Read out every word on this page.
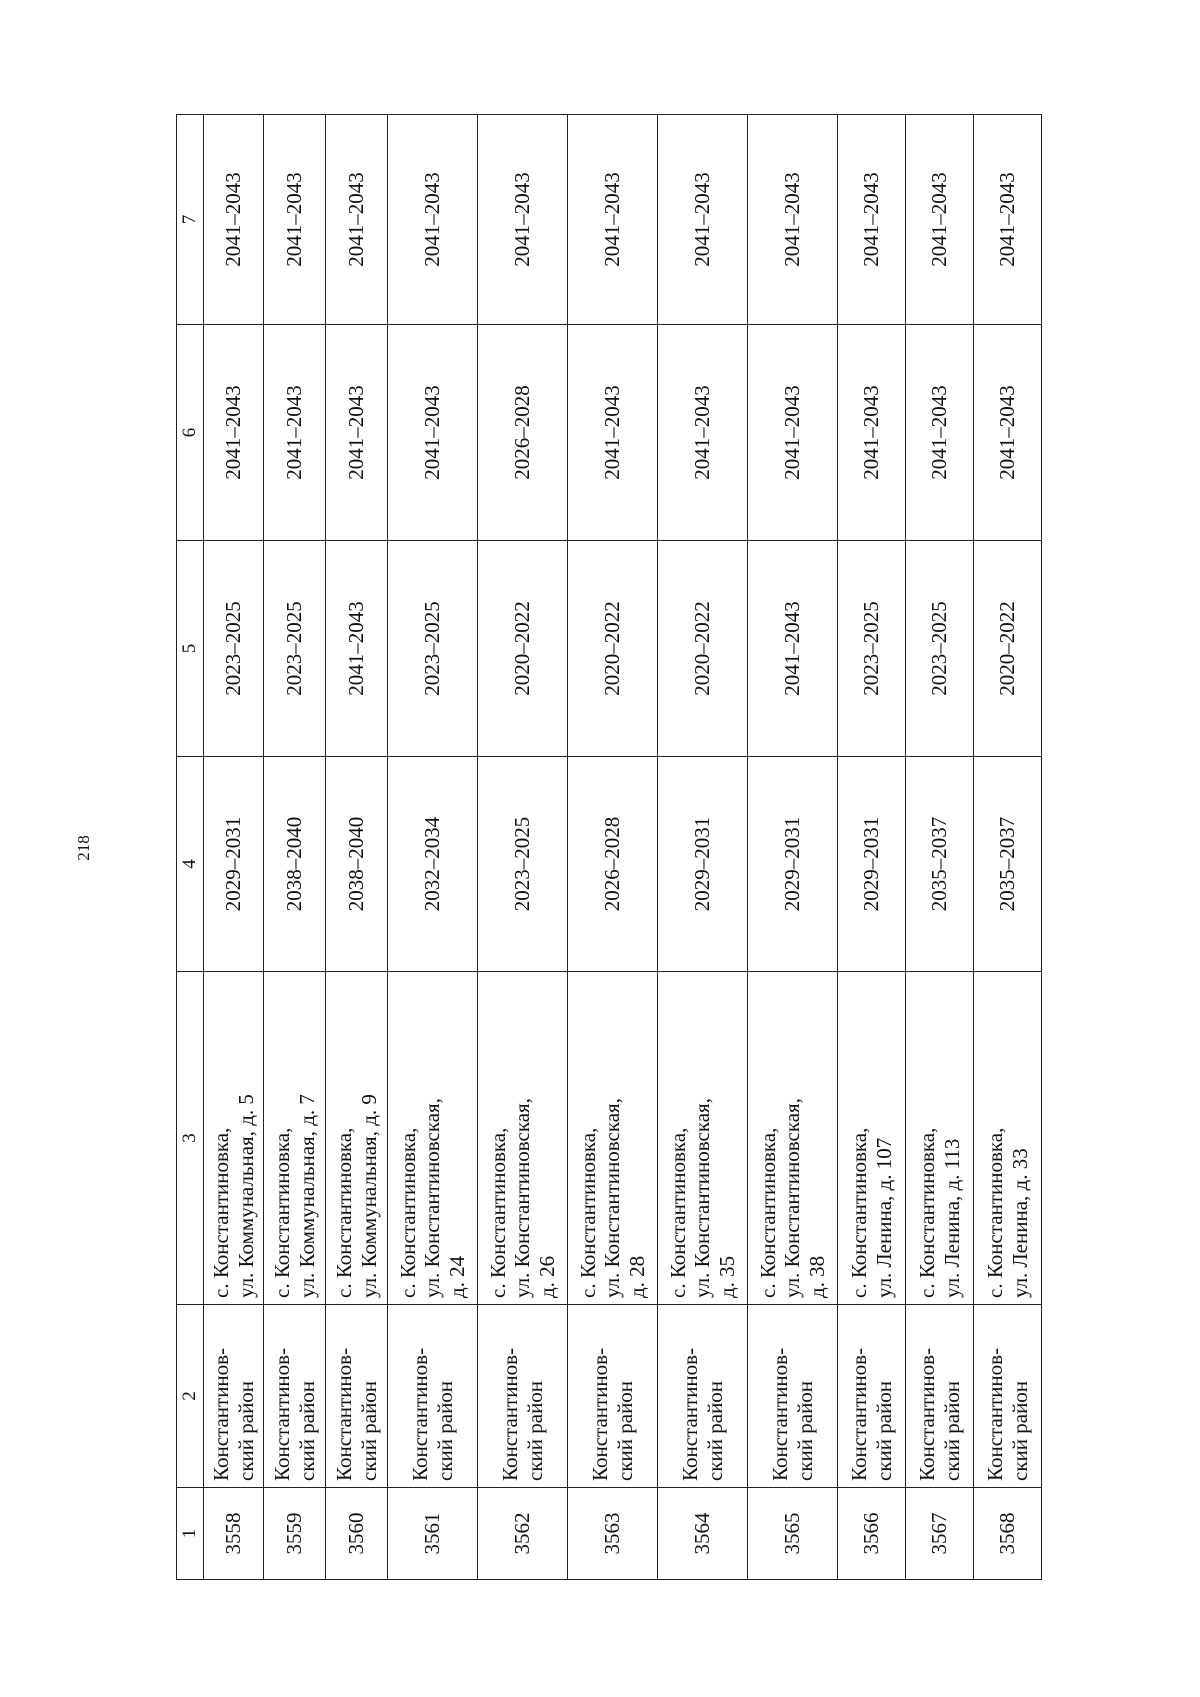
218
1	2	3	4	5	6	7
3558	Константинов- ский район	с. Константиновка, ул. Коммунальная, д. 5	2029–2031	2023–2025	2041–2043	2041–2043
3559	Константинов- ский район	с. Константиновка, ул. Коммунальная, д. 7	2038–2040	2023–2025	2041–2043	2041–2043
3560	Константинов- ский район	с. Константиновка, ул. Коммунальная, д. 9	2038–2040	2041–2043	2041–2043	2041–2043
3561	Константинов- ский район	с. Константиновка, ул. Константиновская, д. 24	2032–2034	2023–2025	2041–2043	2041–2043
3562	Константинов- ский район	с. Константиновка, ул. Константиновская, д. 26	2023–2025	2020–2022	2026–2028	2041–2043
3563	Константинов- ский район	с. Константиновка, ул. Константиновская, д. 28	2026–2028	2020–2022	2041–2043	2041–2043
3564	Константинов- ский район	с. Константиновка, ул. Константиновская, д. 35	2029–2031	2020–2022	2041–2043	2041–2043
3565	Константинов- ский район	с. Константиновка, ул. Константиновская, д. 38	2029–2031	2041–2043	2041–2043	2041–2043
3566	Константинов- ский район	с. Константиновка, ул. Ленина, д. 107	2029–2031	2023–2025	2041–2043	2041–2043
3567	Константинов- ский район	с. Константиновка, ул. Ленина, д. 113	2035–2037	2023–2025	2041–2043	2041–2043
3568	Константинов- ский район	с. Константиновка, ул. Ленина, д. 33	2035–2037	2020–2022	2041–2043	2041–2043
